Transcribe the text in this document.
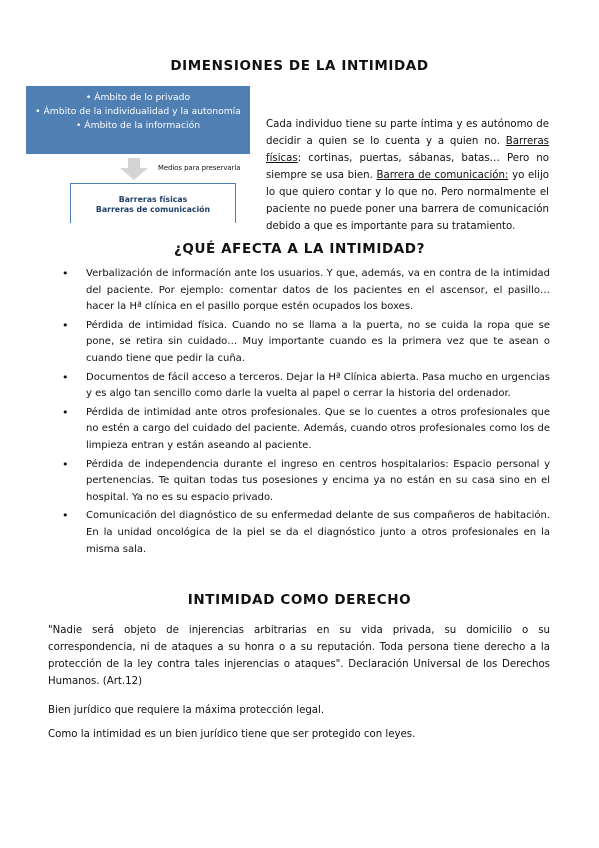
DIMENSIONES DE LA INTIMIDAD
• Ámbito de lo privado
• Ámbito de la individualidad y la autonomía
• Ámbito de la información
Medios para preservarla
Barreras físicas
Barreras de comunicación
Cada individuo tiene su parte íntima y es autónomo de decidir a quien se lo cuenta y a quien no. Barreras físicas: cortinas, puertas, sábanas, batas… Pero no siempre se usa bien. Barrera de comunicación: yo elijo lo que quiero contar y lo que no. Pero normalmente el paciente no puede poner una barrera de comunicación debido a que es importante para su tratamiento.
¿QUÉ AFECTA A LA INTIMIDAD?
• Verbalización de información ante los usuarios. Y que, además, va en contra de la intimidad del paciente. Por ejemplo: comentar datos de los pacientes en el ascensor, el pasillo… hacer la Hª clínica en el pasillo porque estén ocupados los boxes.
• Pérdida de intimidad física. Cuando no se llama a la puerta, no se cuida la ropa que se pone, se retira sin cuidado… Muy importante cuando es la primera vez que te asean o cuando tiene que pedir la cuña.
• Documentos de fácil acceso a terceros. Dejar la Hª Clínica abierta. Pasa mucho en urgencias y es algo tan sencillo como darle la vuelta al papel o cerrar la historia del ordenador.
• Pérdida de intimidad ante otros profesionales. Que se lo cuentes a otros profesionales que no estén a cargo del cuidado del paciente. Además, cuando otros profesionales como los de limpieza entran y están aseando al paciente.
• Pérdida de independencia durante el ingreso en centros hospitalarios: Espacio personal y pertenencias. Te quitan todas tus posesiones y encima ya no están en su casa sino en el hospital. Ya no es su espacio privado.
• Comunicación del diagnóstico de su enfermedad delante de sus compañeros de habitación. En la unidad oncológica de la piel se da el diagnóstico junto a otros profesionales en la misma sala.
INTIMIDAD COMO DERECHO
"Nadie será objeto de injerencias arbitrarias en su vida privada, su domicilio o su correspondencia, ni de ataques a su honra o a su reputación. Toda persona tiene derecho a la protección de la ley contra tales injerencias o ataques". Declaración Universal de los Derechos Humanos. (Art.12)
Bien jurídico que requiere la máxima protección legal.
Como la intimidad es un bien jurídico tiene que ser protegido con leyes.
